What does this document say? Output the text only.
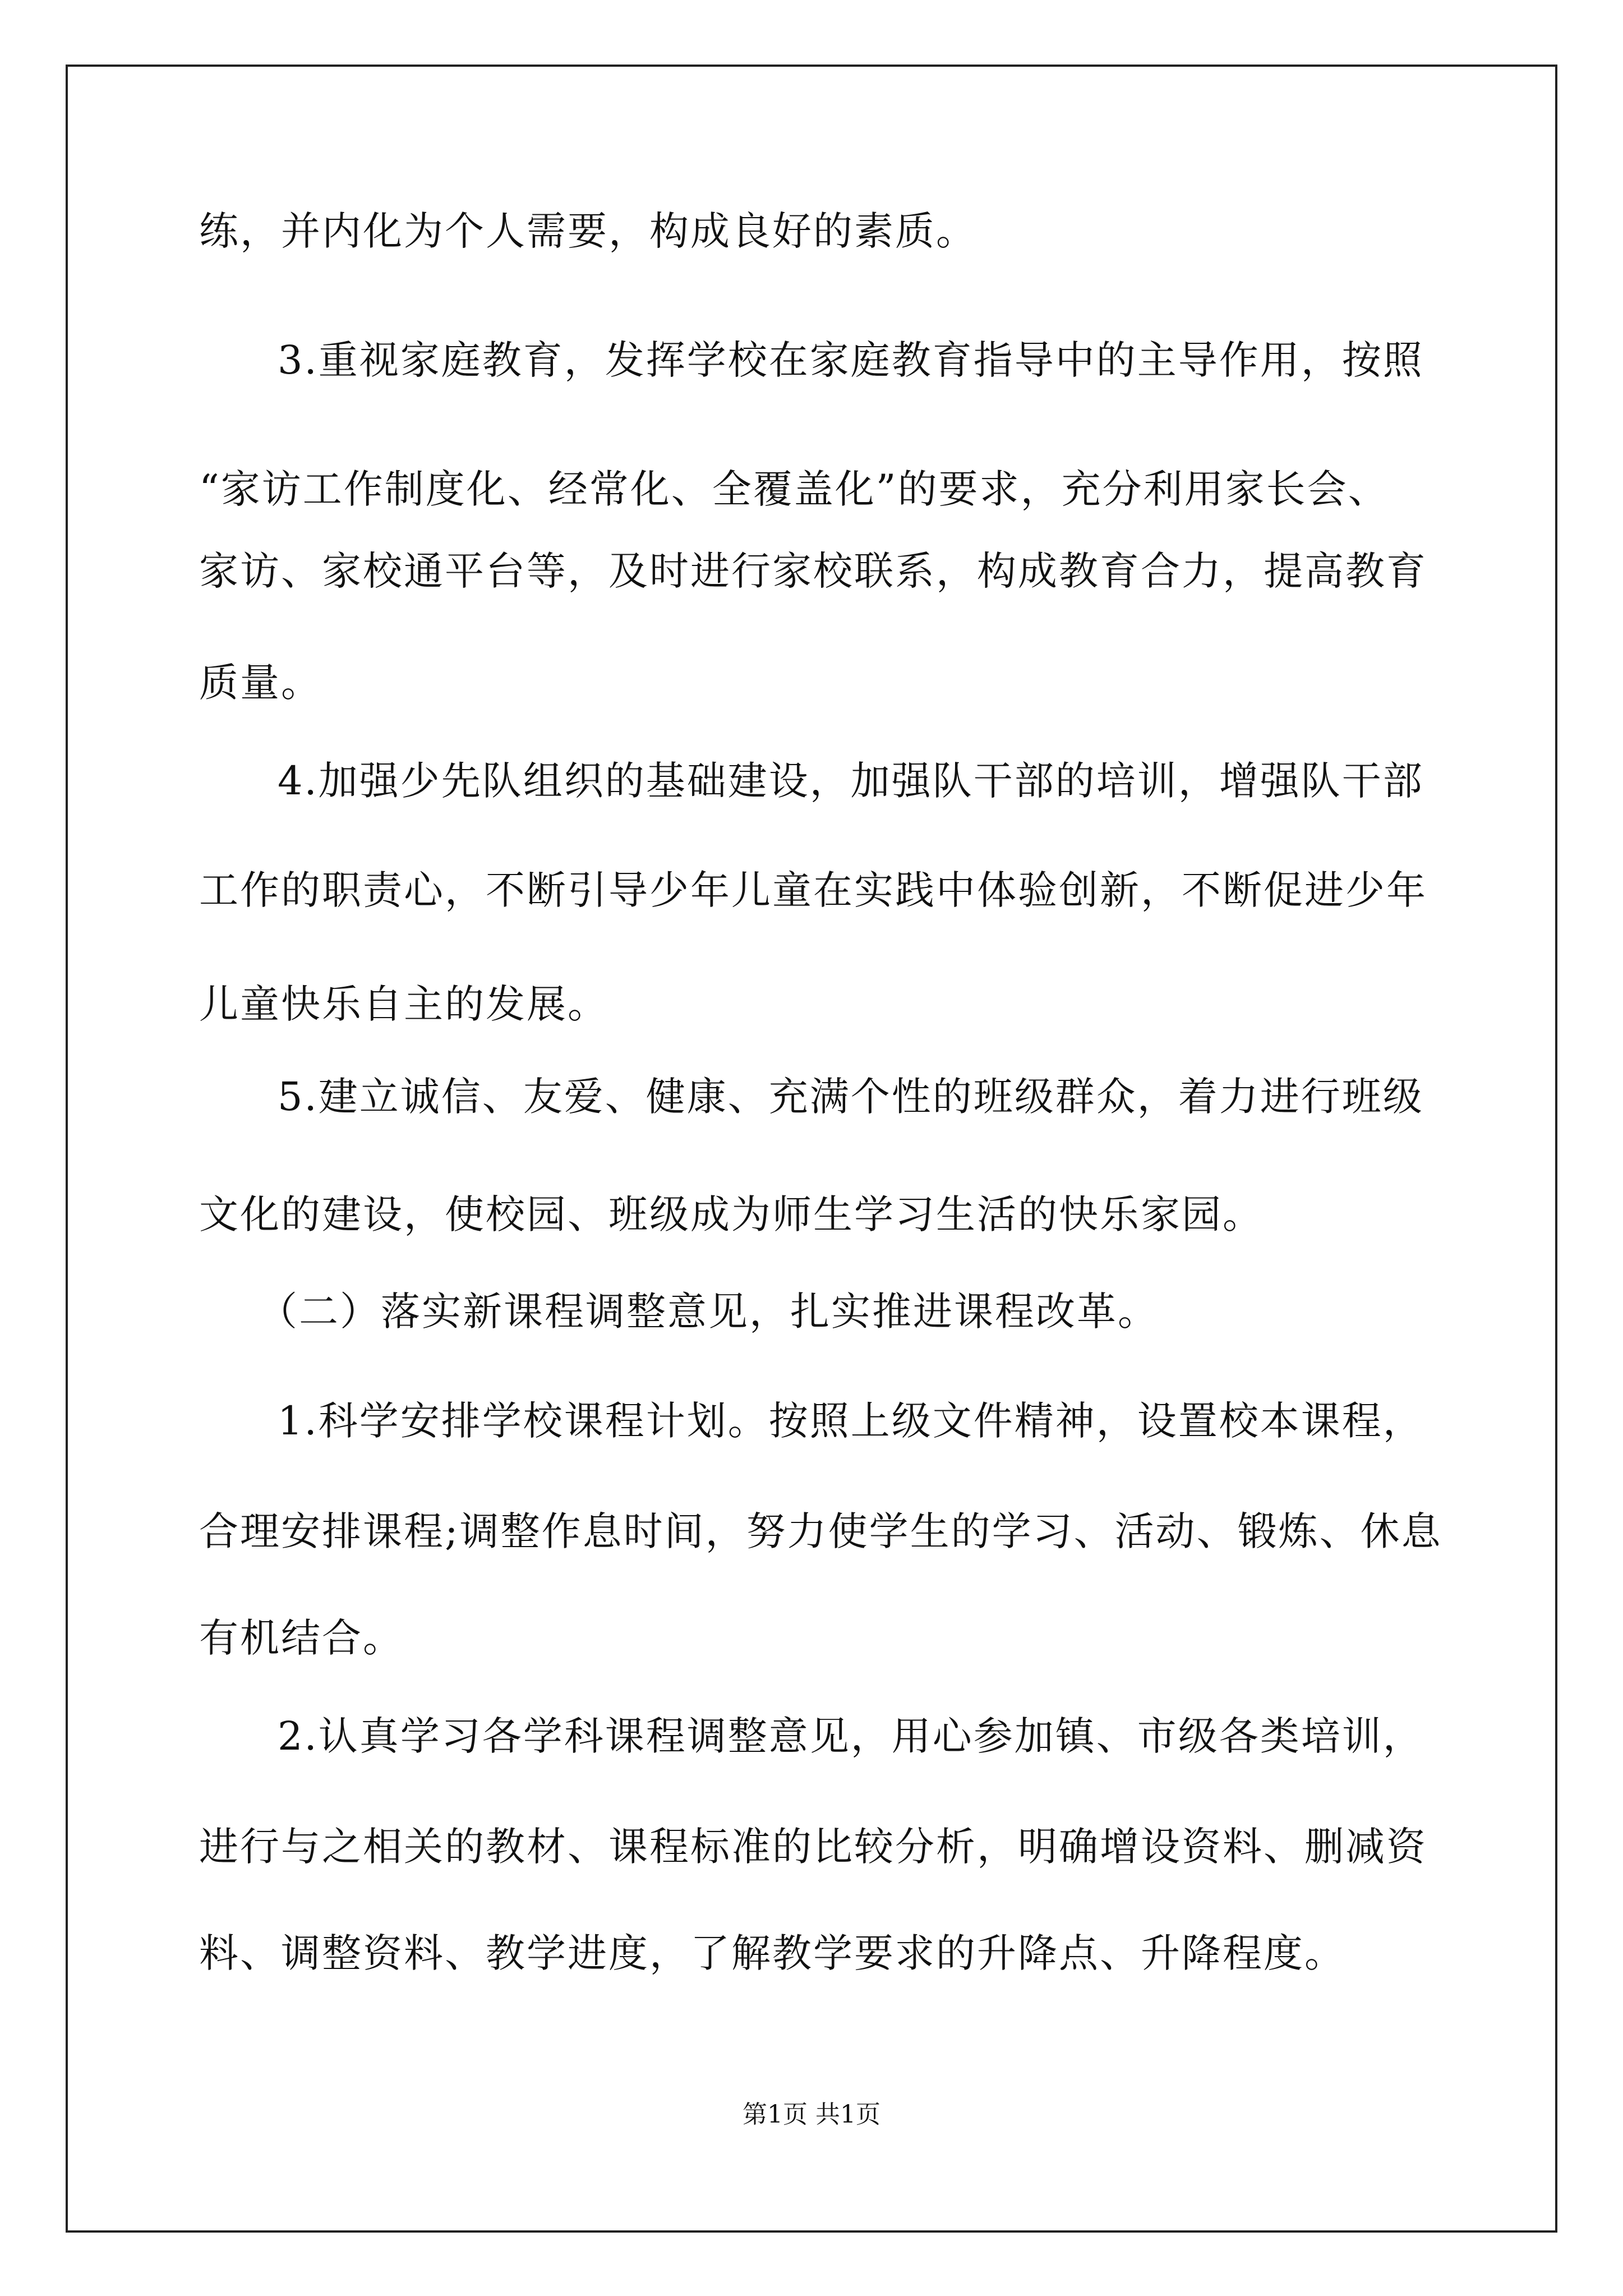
练，并内化为个人需要，构成良好的素质。
3.重视家庭教育，发挥学校在家庭教育指导中的主导作用，按照
“家访工作制度化、经常化、全覆盖化”的要求，充分利用家长会、
家访、家校通平台等，及时进行家校联系，构成教育合力，提高教育
质量。
4.加强少先队组织的基础建设，加强队干部的培训，增强队干部
工作的职责心，不断引导少年儿童在实践中体验创新，不断促进少年
儿童快乐自主的发展。
5.建立诚信、友爱、健康、充满个性的班级群众，着力进行班级
文化的建设，使校园、班级成为师生学习生活的快乐家园。
（二）落实新课程调整意见，扎实推进课程改革。
1.科学安排学校课程计划。按照上级文件精神，设置校本课程，
合理安排课程;调整作息时间，努力使学生的学习、活动、锻炼、休息
有机结合。
2.认真学习各学科课程调整意见，用心参加镇、市级各类培训，
进行与之相关的教材、课程标准的比较分析，明确增设资料、删减资
料、调整资料、教学进度，了解教学要求的升降点、升降程度。
第1页 共1页
